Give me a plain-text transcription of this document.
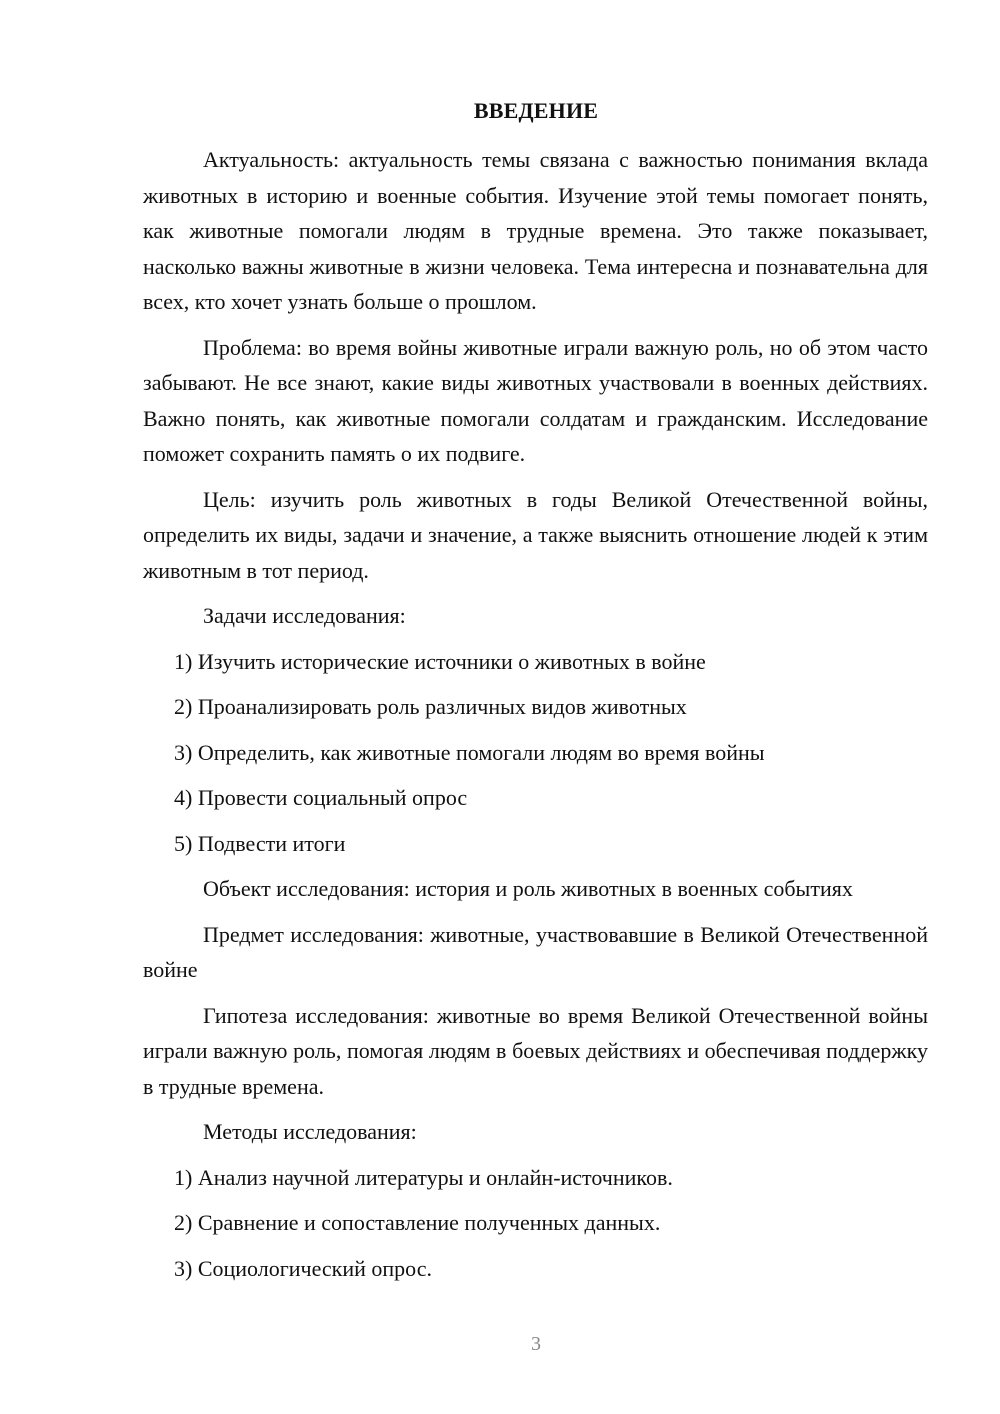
ВВЕДЕНИЕ

Актуальность: актуальность темы связана с важностью понимания вклада животных в историю и военные события. Изучение этой темы помогает понять, как животные помогали людям в трудные времена. Это также показывает, насколько важны животные в жизни человека. Тема интересна и познавательна для всех, кто хочет узнать больше о прошлом.

Проблема: во время войны животные играли важную роль, но об этом часто забывают. Не все знают, какие виды животных участвовали в военных действиях. Важно понять, как животные помогали солдатам и гражданским. Исследование поможет сохранить память о их подвиге.

Цель: изучить роль животных в годы Великой Отечественной войны, определить их виды, задачи и значение, а также выяснить отношение людей к этим животным в тот период.

Задачи исследования:

1) Изучить исторические источники о животных в войне

2) Проанализировать роль различных видов животных

3) Определить, как животные помогали людям во время войны

4) Провести социальный опрос

5) Подвести итоги

Объект исследования: история и роль животных в военных событиях

Предмет исследования: животные, участвовавшие в Великой Отечественной войне

Гипотеза исследования: животные во время Великой Отечественной войны играли важную роль, помогая людям в боевых действиях и обеспечивая поддержку в трудные времена.

Методы исследования:

1) Анализ научной литературы и онлайн-источников.

2) Сравнение и сопоставление полученных данных.

3) Социологический опрос.

3
